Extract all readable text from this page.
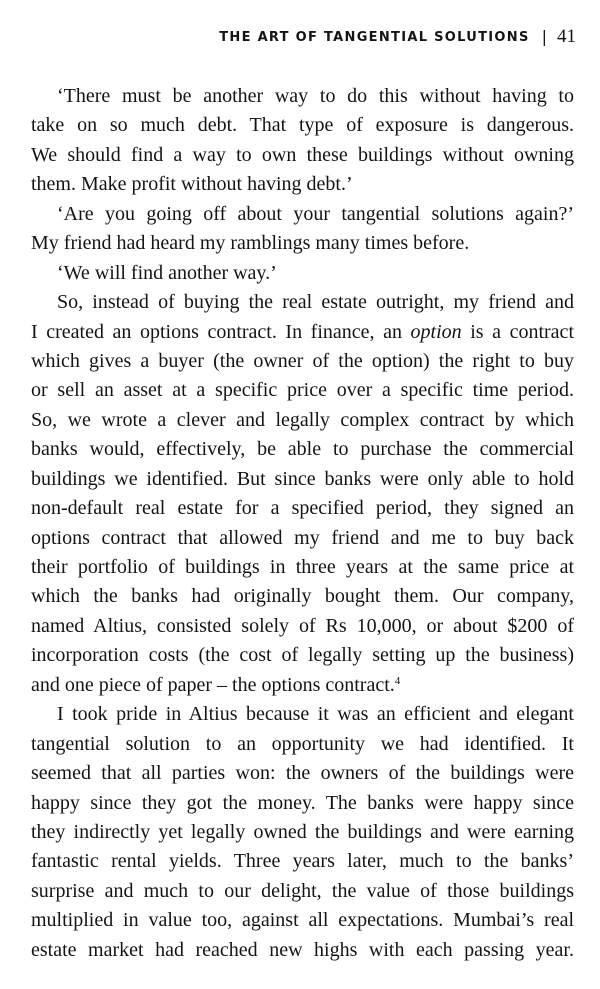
THE ART OF TANGENTIAL SOLUTIONS | 41
‘There must be another way to do this without having to
take on so much debt. That type of exposure is dangerous.
We should find a way to own these buildings without owning
them. Make profit without having debt.’
‘Are you going off about your tangential solutions again?’
My friend had heard my ramblings many times before.
‘We will find another way.’
So, instead of buying the real estate outright, my friend and
I created an options contract. In finance, an option is a contract
which gives a buyer (the owner of the option) the right to buy
or sell an asset at a specific price over a specific time period.
So, we wrote a clever and legally complex contract by which
banks would, effectively, be able to purchase the commercial
buildings we identified. But since banks were only able to hold
non-default real estate for a specified period, they signed an
options contract that allowed my friend and me to buy back
their portfolio of buildings in three years at the same price at
which the banks had originally bought them. Our company,
named Altius, consisted solely of Rs 10,000, or about $200 of
incorporation costs (the cost of legally setting up the business)
and one piece of paper – the options contract.$^4$
I took pride in Altius because it was an efficient and elegant
tangential solution to an opportunity we had identified. It
seemed that all parties won: the owners of the buildings were
happy since they got the money. The banks were happy since
they indirectly yet legally owned the buildings and were earning
fantastic rental yields. Three years later, much to the banks’
surprise and much to our delight, the value of those buildings
multiplied in value too, against all expectations. Mumbai’s real
estate market had reached new highs with each passing year.
